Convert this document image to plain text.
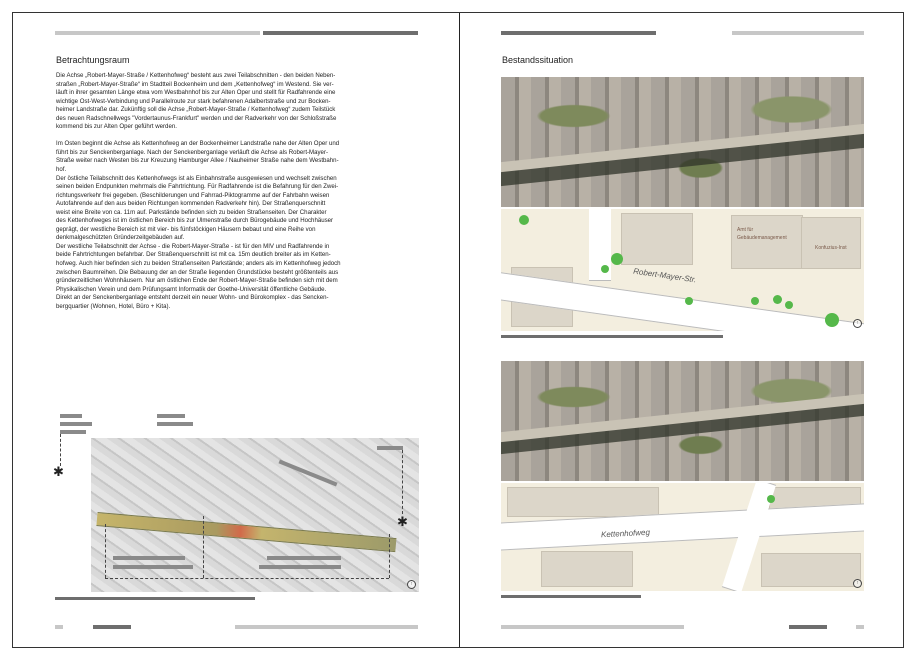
Betrachtungsraum

Die Achse „Robert-Mayer-Straße / Kettenhofweg“ besteht aus zwei Teilabschnitten - den beiden Neben-

straßen „Robert-Mayer-Straße“ im Stadtteil Bockenheim und dem „Kettenhofweg“ im Westend. Sie ver-

läuft in ihrer gesamten Länge etwa vom Westbahnhof bis zur Alten Oper und stellt für Radfahrende eine

wichtige Ost-West-Verbindung und Parallelroute zur stark befahrenen Adalbertstraße und zur Bocken-

heimer Landstraße dar. Zukünftig soll die Achse „Robert-Mayer-Straße / Kettenhofweg“ zudem Teilstück

des neuen Radschnellwegs "Vordertaunus-Frankfurt" werden und der Radverkehr von der Schloßstraße

kommend bis zur Alten Oper geführt werden.

Im Osten beginnt die Achse als Kettenhofweg an der Bockenheimer Landstraße nahe der Alten Oper und

führt bis zur Senckenberganlage. Nach der Senckenberganlage verläuft die Achse als Robert-Mayer-

Straße weiter nach Westen bis zur Kreuzung Hamburger Allee / Nauheimer Straße nahe dem Westbahn-

hof.

Der östliche Teilabschnitt des Kettenhofwegs ist als Einbahnstraße ausgewiesen und wechselt zwischen

seinen beiden Endpunkten mehrmals die Fahrtrichtung. Für Radfahrende ist die Befahrung für den Zwei-

richtungsverkehr frei gegeben. (Beschilderungen und Fahrrad-Piktogramme auf der Fahrbahn weisen

Autofahrende auf den aus beiden Richtungen kommenden Radverkehr hin). Der Straßenquerschnitt

weist eine Breite von ca. 11m auf. Parkstände befinden sich zu beiden Straßenseiten. Der Charakter

des Kettenhofweges ist im östlichen Bereich bis zur Ulmenstraße durch Bürogebäude und Hochhäuser

geprägt, der westliche Bereich ist mit vier- bis fünfstöckigen Häusern bebaut und eine Reihe von

denkmalgeschützten Gründerzeitgebäuden auf.

Der westliche Teilabschnitt der Achse - die Robert-Mayer-Straße - ist für den MIV und Radfahrende in

beide Fahrtrichtungen befahrbar. Der Straßenquerschnitt ist mit ca. 15m deutlich breiter als im Ketten-

hofweg. Auch hier befinden sich zu beiden Straßenseiten Parkstände; anders als im Kettenhofweg jedoch

zwischen Baumreihen. Die Bebauung der an der Straße liegenden Grundstücke besteht größtenteils aus

gründerzeitlichen Wohnhäusern. Nur am östlichen Ende der Robert-Mayer-Straße befinden sich mit dem

Physikalischen Verein und dem Prüfungsamt Informatik der Goethe-Universität öffentliche Gebäude.

Direkt an der Senckenberganlage entsteht derzeit ein neuer Wohn- und Bürokomplex - das Sencken-

bergquartier (Wohnen, Hotel, Büro + Kita).

✱
↑
✱
Bestandssituation
Robert-Mayer-Str.
Amt für
Gebäudemanagement
Konfuzius-Inst
↑
Kettenhofweg
↑
